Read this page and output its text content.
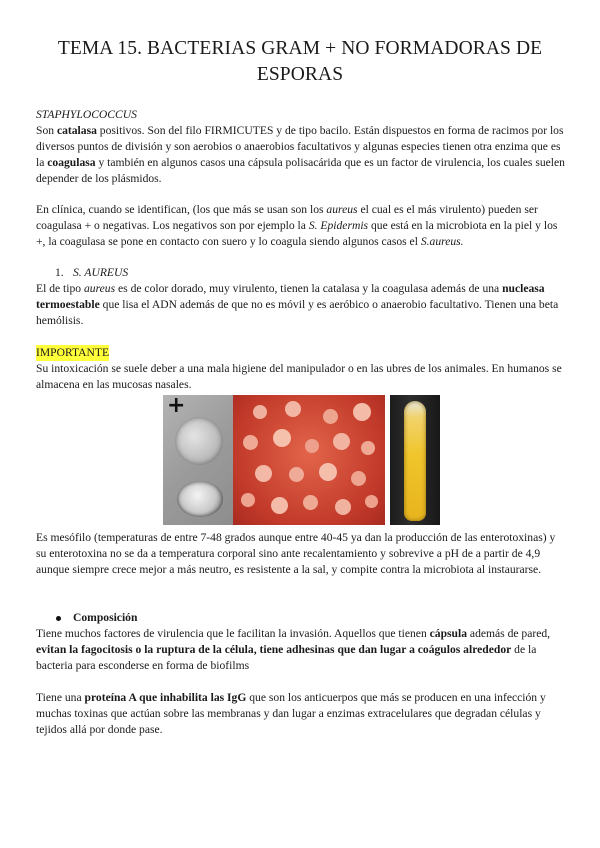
TEMA 15. BACTERIAS GRAM + NO FORMADORAS DE ESPORAS

STAPHYLOCOCCUS

Son catalasa positivos. Son del filo FIRMICUTES y de tipo bacilo. Están dispuestos en forma de racimos por los diversos puntos de división y son aerobios o anaerobios facultativos y algunas especies tienen otra enzima que es la coagulasa y también en algunos casos una cápsula polisacárida que es un factor de virulencia, los cuales suelen depender de los plásmidos.

En clínica, cuando se identifican, (los que más se usan son los aureus el cual es el más virulento) pueden ser coagulasa + o negativas. Los negativos son por ejemplo la S. Epidermis que está en la microbiota en la piel y los +, la coagulasa se pone en contacto con suero y lo coagula siendo algunos casos el S.aureus.

1. S. AUREUS

El de tipo aureus es de color dorado, muy virulento, tienen la catalasa y la coagulasa además de una nucleasa termoestable que lisa el ADN además de que no es móvil y es aeróbico o anaerobio facultativo. Tienen una beta hemólisis.

IMPORTANTE

Su intoxicación se suele deber a una mala higiene del manipulador o en las ubres de los animales. En humanos se almacena en las mucosas nasales.

+

Es mesófilo (temperaturas de entre 7-48 grados aunque entre 40-45 ya dan la producción de las enterotoxinas) y su enterotoxina no se da a temperatura corporal sino ante recalentamiento y sobrevive a pH de a partir de 4,9 aunque siempre crece mejor a más neutro, es resistente a la sal, y compite contra la microbiota al instaurarse.

Composición

Tiene muchos factores de virulencia que le facilitan la invasión. Aquellos que tienen cápsula además de pared, evitan la fagocitosis o la ruptura de la célula, tiene adhesinas que dan lugar a coágulos alrededor de la bacteria para esconderse en forma de biofilms

Tiene una proteína A que inhabilita las IgG que son los anticuerpos que más se producen en una infección y muchas toxinas que actúan sobre las membranas y dan lugar a enzimas extracelulares que degradan células y tejidos allá por donde pase.
